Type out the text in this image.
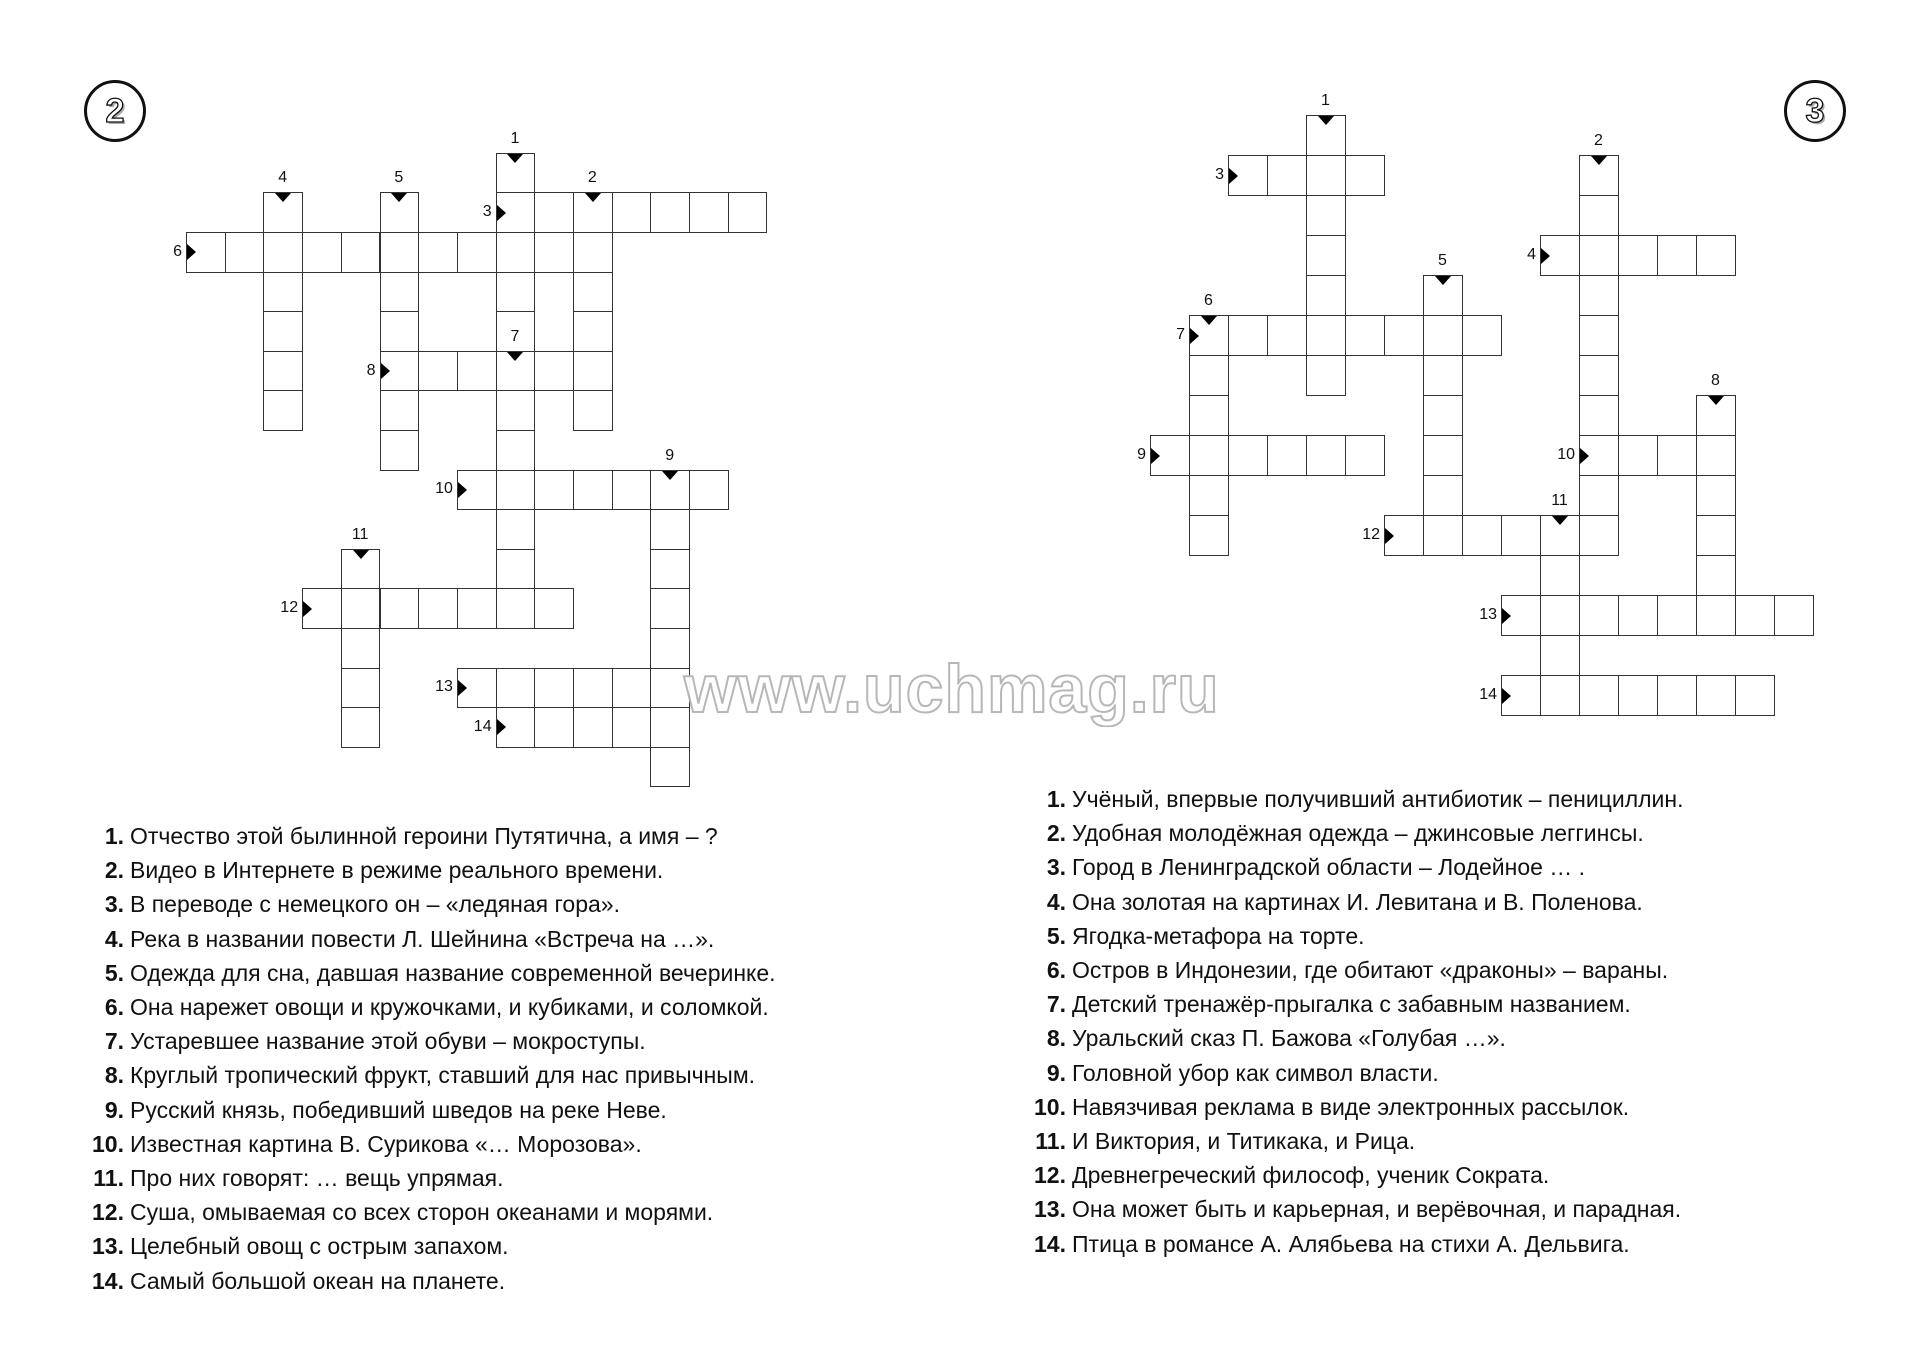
2	3
1
2
3
4	5
6
7
8
9
10
11
12
13
14
1
2
3
4
5
6
7
8
9	10
11
12
13
14
www.uchmag.ru
1. Отчество этой былинной героини Путятична, а имя – ?
2. Видео в Интернете в режиме реального времени.
3. В переводе с немецкого он – «ледяная гора».
4. Река в названии повести Л. Шейнина «Встреча на …».
5. Одежда для сна, давшая название современной вечеринке.
6. Она нарежет овощи и кружочками, и кубиками, и соломкой.
7. Устаревшее название этой обуви – мокроступы.
8. Круглый тропический фрукт, ставший для нас привычным.
9. Русский князь, победивший шведов на реке Неве.
10. Известная картина В. Сурикова «… Морозова».
11. Про них говорят: … вещь упрямая.
12. Суша, омываемая со всех сторон океанами и морями.
13. Целебный овощ с острым запахом.
14. Самый большой океан на планете.
1. Учёный, впервые получивший антибиотик – пенициллин.
2. Удобная молодёжная одежда – джинсовые леггинсы.
3. Город в Ленинградской области – Лодейное … .
4. Она золотая на картинах И. Левитана и В. Поленова.
5. Ягодка-метафора на торте.
6. Остров в Индонезии, где обитают «драконы» – вараны.
7. Детский тренажёр-прыгалка с забавным названием.
8. Уральский сказ П. Бажова «Голубая …».
9. Головной убор как символ власти.
10. Навязчивая реклама в виде электронных рассылок.
11. И Виктория, и Титикака, и Рица.
12. Древнегреческий философ, ученик Сократа.
13. Она может быть и карьерная, и верёвочная, и парадная.
14. Птица в романсе А. Алябьева на стихи А. Дельвига.
